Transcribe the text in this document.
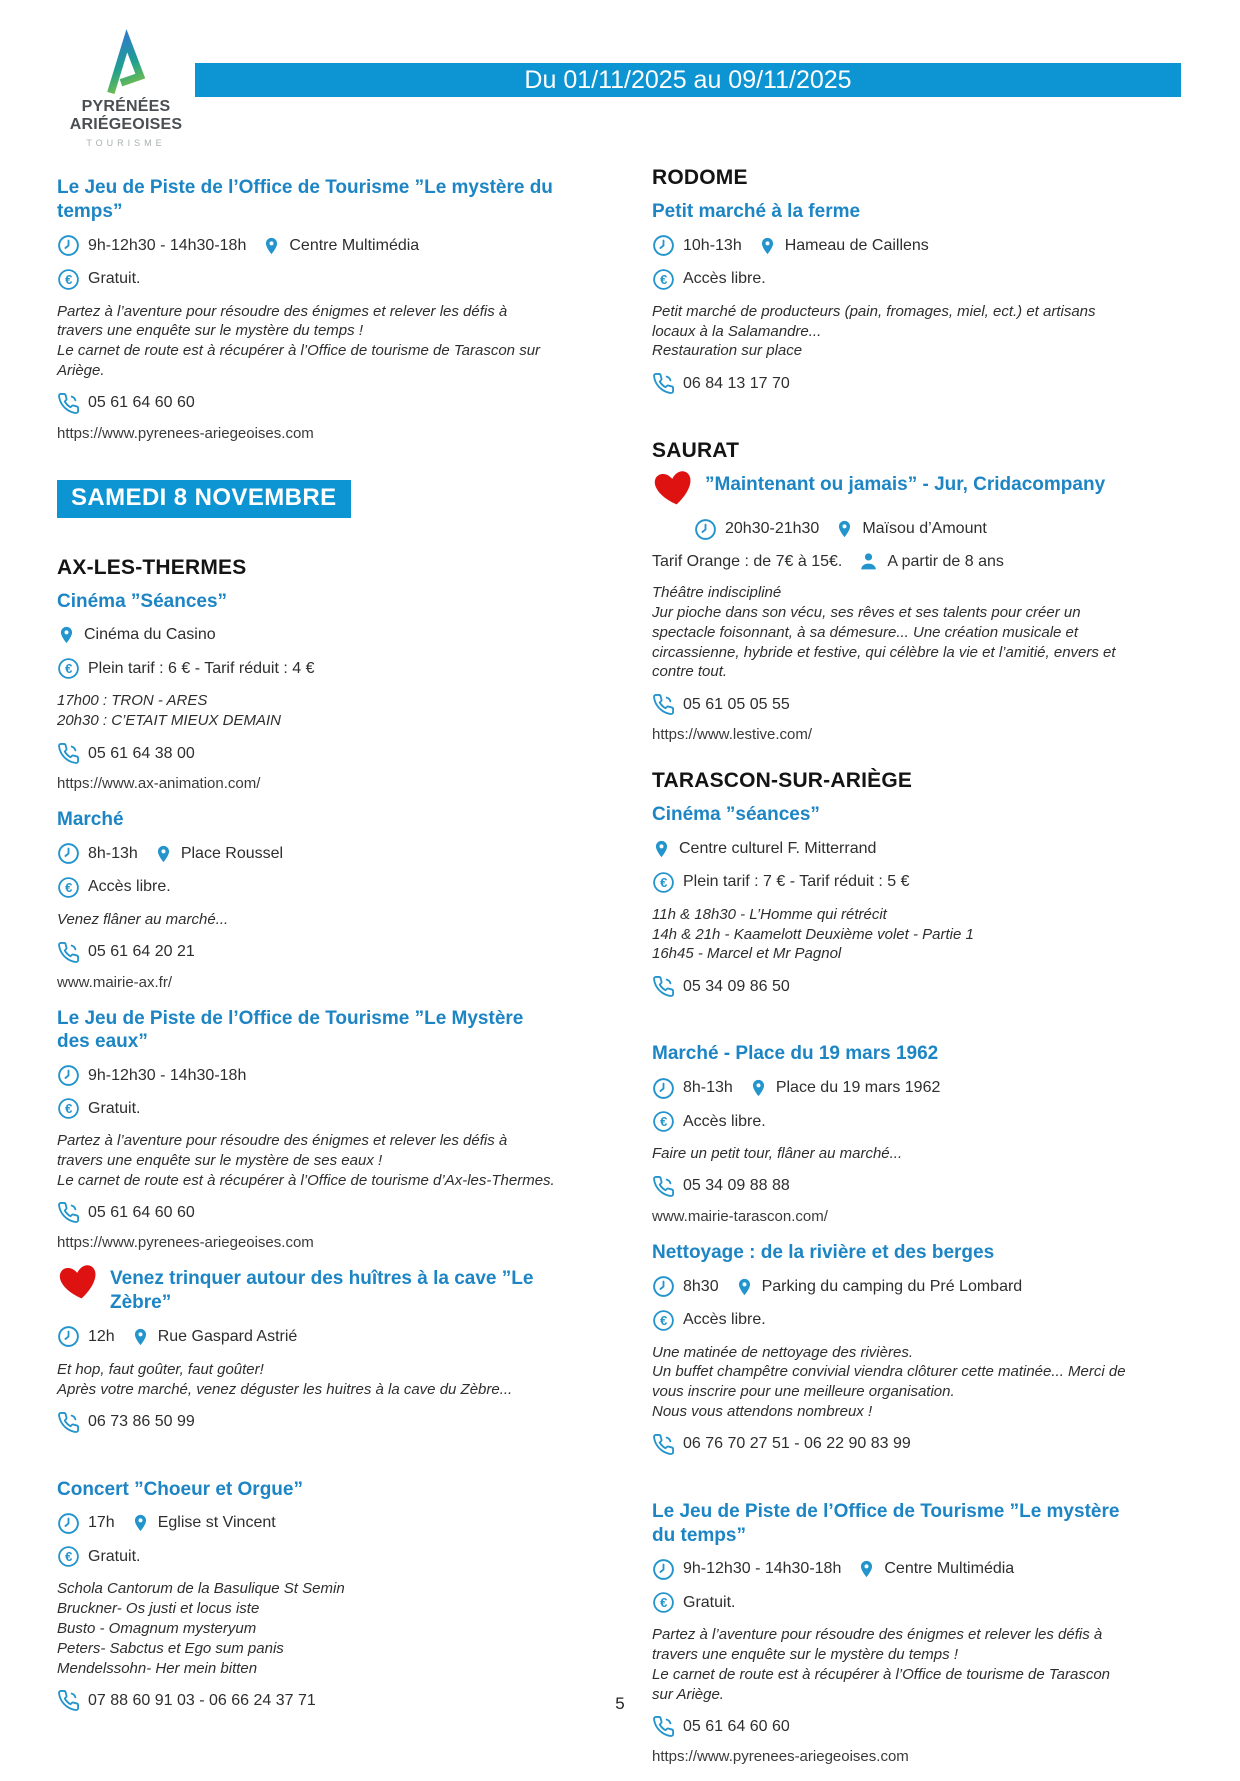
PYRÉNÉES
ARIÉGEOISES
TOURISME
Du 01/11/2025 au 09/11/2025
Le Jeu de Piste de l’Office de Tourisme ”Le mystère du temps”
9h-12h30 - 14h30-18h	Centre Multimédia
€ Gratuit.
Partez à l’aventure pour résoudre des énigmes et relever les défis à travers une enquête sur le mystère du temps !
Le carnet de route est à récupérer à l’Office de tourisme de Tarascon sur Ariège.
05 61 64 60 60
https://www.pyrenees-ariegeoises.com
SAMEDI 8 NOVEMBRE
AX-LES-THERMES
Cinéma ”Séances”
Cinéma du Casino
€ Plein tarif : 6 € - Tarif réduit : 4 €
17h00 : TRON - ARES
20h30 : C’ETAIT MIEUX DEMAIN
05 61 64 38 00
https://www.ax-animation.com/
Marché
8h-13h	Place Roussel
€ Accès libre.
Venez flâner au marché...
05 61 64 20 21
www.mairie-ax.fr/
Le Jeu de Piste de l’Office de Tourisme ”Le Mystère des eaux”
9h-12h30 - 14h30-18h
€ Gratuit.
Partez à l’aventure pour résoudre des énigmes et relever les défis à travers une enquête sur le mystère de ses eaux !
Le carnet de route est à récupérer à l’Office de tourisme d’Ax-les-Thermes.
05 61 64 60 60
https://www.pyrenees-ariegeoises.com
Venez trinquer autour des huîtres à la cave ”Le Zèbre”
12h	Rue Gaspard Astrié
Et hop, faut goûter, faut goûter!
Après votre marché, venez déguster les huitres à la cave du Zèbre...
06 73 86 50 99
Concert ”Choeur et Orgue”
17h	Eglise st Vincent
€ Gratuit.
Schola Cantorum de la Basulique St Semin
Bruckner- Os justi et locus iste
Busto - Omagnum mysteryum
Peters- Sabctus et Ego sum panis
Mendelssohn- Her mein bitten
07 88 60 91 03 - 06 66 24 37 71
RODOME
Petit marché à la ferme
10h-13h	Hameau de Caillens
€ Accès libre.
Petit marché de producteurs (pain, fromages, miel, ect.) et artisans locaux à la Salamandre...
Restauration sur place
06 84 13 17 70
SAURAT
”Maintenant ou jamais” - Jur, Cridacompany
20h30-21h30	Maïsou d’Amount
Tarif Orange : de 7€ à 15€.	A partir de 8 ans
Théâtre indiscipliné
Jur pioche dans son vécu, ses rêves et ses talents pour créer un spectacle foisonnant, à sa démesure... Une création musicale et circassienne, hybride et festive, qui célèbre la vie et l’amitié, envers et contre tout.
05 61 05 05 55
https://www.lestive.com/
TARASCON-SUR-ARIÈGE
Cinéma ”séances”
Centre culturel F. Mitterrand
€ Plein tarif : 7 € - Tarif réduit : 5 €
11h & 18h30 - L’Homme qui rétrécit
14h & 21h - Kaamelott Deuxième volet - Partie 1
16h45 - Marcel et Mr Pagnol
05 34 09 86 50
Marché - Place du 19 mars 1962
8h-13h	Place du 19 mars 1962
€ Accès libre.
Faire un petit tour, flâner au marché...
05 34 09 88 88
www.mairie-tarascon.com/
Nettoyage : de la rivière et des berges
8h30	Parking du camping du Pré Lombard
€ Accès libre.
Une matinée de nettoyage des rivières.
Un buffet champêtre convivial viendra clôturer cette matinée... Merci de vous inscrire pour une meilleure organisation.
Nous vous attendons nombreux !
06 76 70 27 51 - 06 22 90 83 99
Le Jeu de Piste de l’Office de Tourisme ”Le mystère du temps”
9h-12h30 - 14h30-18h	Centre Multimédia
€ Gratuit.
Partez à l’aventure pour résoudre des énigmes et relever les défis à travers une enquête sur le mystère du temps !
Le carnet de route est à récupérer à l’Office de tourisme de Tarascon sur Ariège.
05 61 64 60 60
https://www.pyrenees-ariegeoises.com
5
